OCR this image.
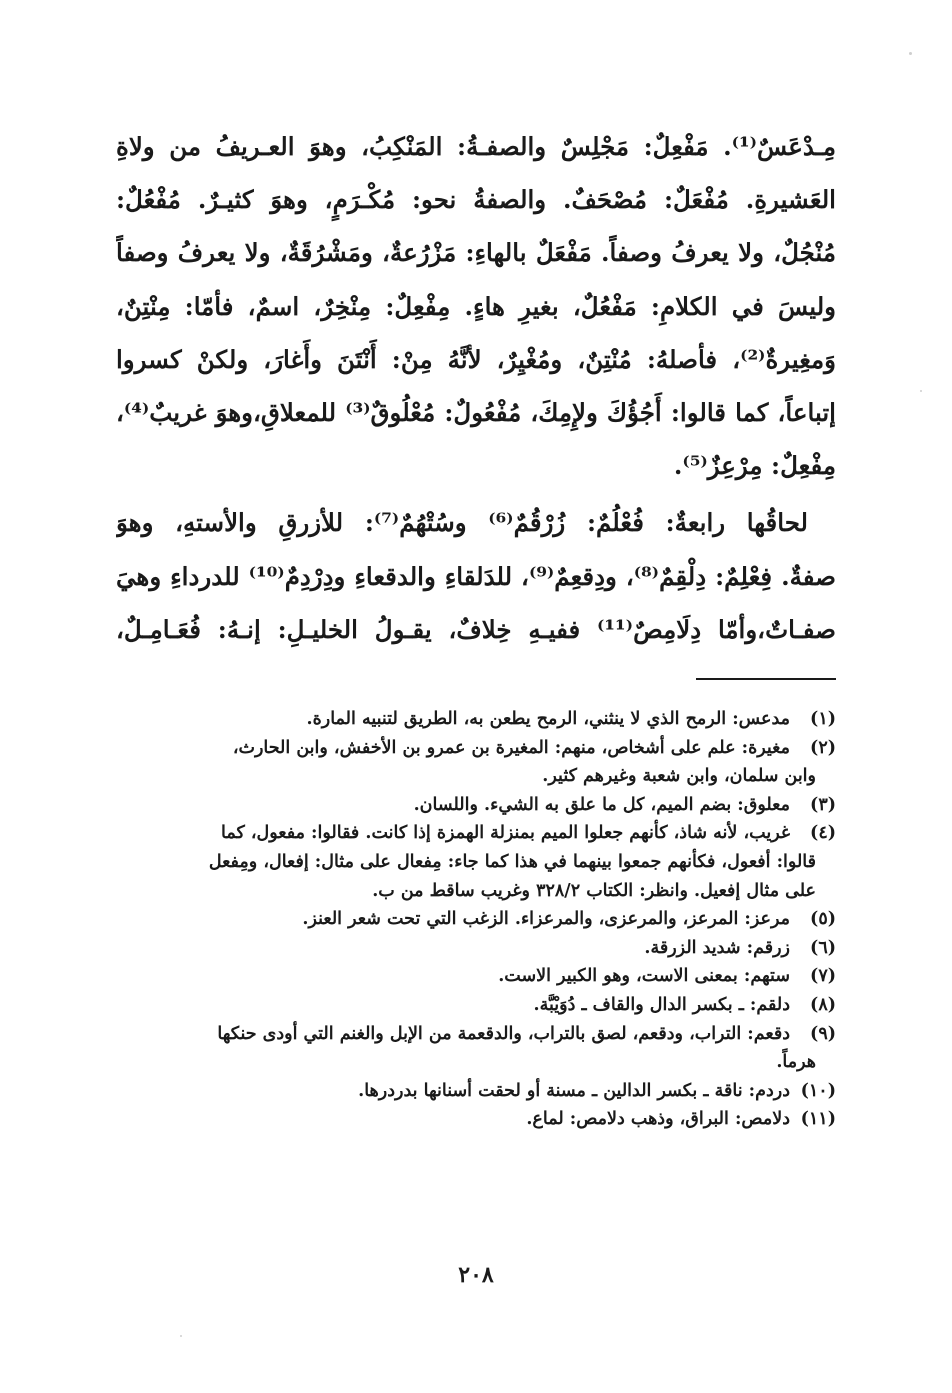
مِـدْعَسٌ⁽¹⁾. مَفْعِلٌ: مَجْلِسٌ والصفـةُ: المَنْكِبُ، وهوَ العـريفُ من ولاةِ
العَشيرةِ. مُفْعَلٌ: مُصْحَفٌ. والصفةُ نحو: مُكْـرَمٍ، وهوَ كثيـرٌ. مُفْعُلٌ:
مُنْجُلٌ، ولا يعرفُ وصفاً. مَفْعَلٌ بالهاءِ: مَزْرُعةٌ، ومَشْرُقَةٌ، ولا يعرفُ وصفاً
وليسَ في الكلامِ: مَفْعُلٌ، بغيرِ هاءٍ. مِفْعِلٌ: مِنْخِرٌ، اسمٌ، فأمّا: مِنْتِنٌ،
وَمغِيرةٌ⁽²⁾، فأصلهُ: مُنْتِنٌ، ومُغْيِرٌ، لأنَّهُ مِنْ: أَنْتَنَ وأَغارَ، ولكنْ كسروا
إتباعاً، كما قالوا: أَجُؤُكَ ولإِمِكَ، مُفْعُولٌ: مُعْلُوقٌ⁽³⁾ للمعلاقِ،وهوَ غريبٌ⁽⁴⁾،
مِفْعِلٌ: مِرْعِزٌ⁽⁵⁾.

لحاقُها رابعةٌ: فُعْلُمٌ: زُرْقُمٌ⁽⁶⁾ وسُتْهُمٌ⁽⁷⁾: للأزرقِ والأستهِ، وهوَ
صفةٌ. فِعْلِمٌ: دِلْقِمٌ⁽⁸⁾، ودِقعِمٌ⁽⁹⁾، للدَلقاءِ والدقعاءِ ودِرْدِمٌ⁽¹⁰⁾ للدرداءِ وهيَ
صفـاتٌ،وأمّا دِلَامِصٌ⁽¹¹⁾ ففيـهِ خِلافٌ، يقـولُ الخليـلِ: إنـهُ: فُعَـامِـلٌ،

(١)مدعس: الرمح الذي لا ينثني، الرمح يطعن به، الطريق لتنبيه المارة.
(٢)مغيرة: علم على أشخاص، منهم: المغيرة بن عمرو بن الأخفش، وابن الحارث،
وابن سلمان، وابن شعبة وغيرهم كثير.
(٣)معلوق: بضم الميم، كل ما علق به الشيء. واللسان.
(٤)غريب، لأنه شاذ، كأنهم جعلوا الميم بمنزلة الهمزة إذا كانت. فقالوا: مفعول، كما
قالوا: أفعول، فكأنهم جمعوا بينهما في هذا كما جاء: مِفعال على مثال: إفعال، ومِفعل
على مثال إفعيل. وانظر: الكتاب ٣٢٨/٢ وغريب ساقط من ب.
(٥)مرعز: المرعز، والمرعزى، والمرعزاء. الزغب التي تحت شعر العنز.
(٦)زرقم: شديد الزرقة.
(٧)ستهم: بمعنى الاست، وهو الكبير الاست.
(٨)دلقم: ـ بكسر الدال والقاف ـ دُوَيْبَّة.
(٩)دقعم: التراب، ودقعم، لصق بالتراب، والدقعمة من الإبل والغنم التي أودى حنكها
هرماً.
(١٠)دردم: ناقة ـ بكسر الدالين ـ مسنة أو لحقت أسنانها بدردرها.
(١١)دلامص: البراق، وذهب دلامص: لماع.
٢٠٨
